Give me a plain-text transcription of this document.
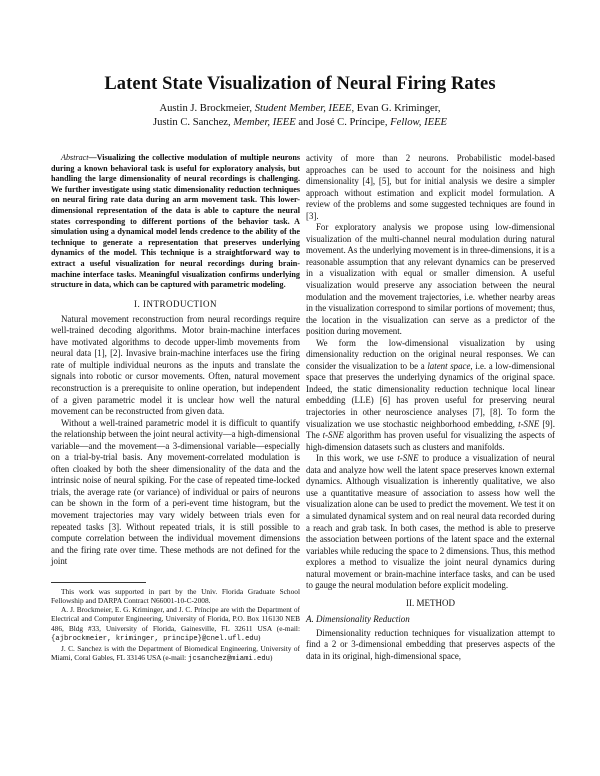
Latent State Visualization of Neural Firing Rates
Austin J. Brockmeier, Student Member, IEEE, Evan G. Kriminger,
Justin C. Sanchez, Member, IEEE and José C. Príncipe, Fellow, IEEE

Abstract—Visualizing the collective modulation of multiple neurons during a known behavioral task is useful for exploratory analysis, but handling the large dimensionality of neural recordings is challenging. We further investigate using static dimensionality reduction techniques on neural firing rate data during an arm movement task. This lower-dimensional representation of the data is able to capture the neural states corresponding to different portions of the behavior task. A simulation using a dynamical model lends credence to the ability of the technique to generate a representation that preserves underlying dynamics of the model. This technique is a straightforward way to extract a useful visualization for neural recordings during brain-machine interface tasks. Meaningful visualization confirms underlying structure in data, which can be captured with parametric modeling.

I. INTRODUCTION

Natural movement reconstruction from neural recordings require well-trained decoding algorithms. Motor brain-machine interfaces have motivated algorithms to decode upper-limb movements from neural data [1], [2]. Invasive brain-machine interfaces use the firing rate of multiple individual neurons as the inputs and translate the signals into robotic or cursor movements. Often, natural movement reconstruction is a prerequisite to online operation, but independent of a given parametric model it is unclear how well the natural movement can be reconstructed from given data.

Without a well-trained parametric model it is difficult to quantify the relationship between the joint neural activity—a high-dimensional variable—and the movement—a 3-dimensional variable—especially on a trial-by-trial basis. Any movement-correlated modulation is often cloaked by both the sheer dimensionality of the data and the intrinsic noise of neural spiking. For the case of repeated time-locked trials, the average rate (or variance) of individual or pairs of neurons can be shown in the form of a peri-event time histogram, but the movement trajectories may vary widely between trials even for repeated tasks [3]. Without repeated trials, it is still possible to compute correlation between the individual movement dimensions and the firing rate over time. These methods are not defined for the joint

This work was supported in part by the Univ. Florida Graduate School Fellowship and DARPA Contract N66001-10-C-2008.

A. J. Brockmeier, E. G. Kriminger, and J. C. Príncipe are with the Department of Electrical and Computer Engineering, University of Florida, P.O. Box 116130 NEB 486, Bldg #33, University of Florida, Gainesville, FL 32611 USA (e-mail: {ajbrockmeier, kriminger, principe}@cnel.ufl.edu)

J. C. Sanchez is with the Department of Biomedical Engineering, University of Miami, Coral Gables, FL 33146 USA (e-mail: jcsanchez@miami.edu)

activity of more than 2 neurons. Probabilistic model-based approaches can be used to account for the noisiness and high dimensionality [4], [5], but for initial analysis we desire a simpler approach without estimation and explicit model formulation. A review of the problems and some suggested techniques are found in [3].

For exploratory analysis we propose using low-dimensional visualization of the multi-channel neural modulation during natural movement. As the underlying movement is in three-dimensions, it is a reasonable assumption that any relevant dynamics can be preserved in a visualization with equal or smaller dimension. A useful visualization would preserve any association between the neural modulation and the movement trajectories, i.e. whether nearby areas in the visualization correspond to similar portions of movement; thus, the location in the visualization can serve as a predictor of the position during movement.

We form the low-dimensional visualization by using dimensionality reduction on the original neural responses. We can consider the visualization to be a latent space, i.e. a low-dimensional space that preserves the underlying dynamics of the original space. Indeed, the static dimensionality reduction technique local linear embedding (LLE) [6] has proven useful for preserving neural trajectories in other neuroscience analyses [7], [8]. To form the visualization we use stochastic neighborhood embedding, t-SNE [9]. The t-SNE algorithm has proven useful for visualizing the aspects of high-dimension datasets such as clusters and manifolds.

In this work, we use t-SNE to produce a visualization of neural data and analyze how well the latent space preserves known external dynamics. Although visualization is inherently qualitative, we also use a quantitative measure of association to assess how well the visualization alone can be used to predict the movement. We test it on a simulated dynamical system and on real neural data recorded during a reach and grab task. In both cases, the method is able to preserve the association between portions of the latent space and the external variables while reducing the space to 2 dimensions. Thus, this method explores a method to visualize the joint neural dynamics during natural movement or brain-machine interface tasks, and can be used to gauge the neural modulation before explicit modeling.

II. METHOD
A. Dimensionality Reduction

Dimensionality reduction techniques for visualization attempt to find a 2 or 3-dimensional embedding that preserves aspects of the data in its original, high-dimensional space,
